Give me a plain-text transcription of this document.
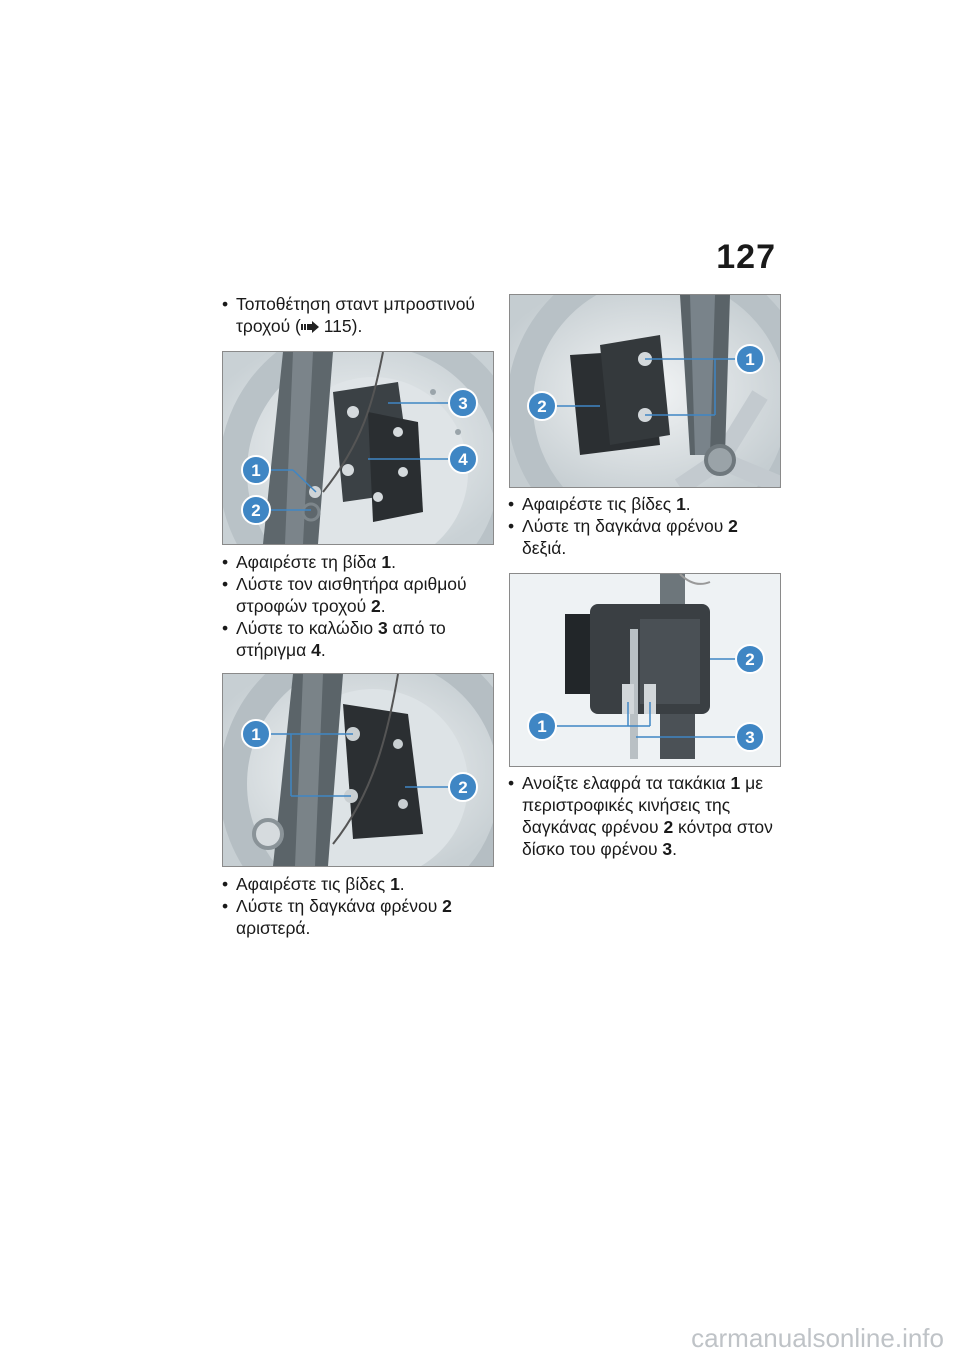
127

• Τοποθέτηση σταντ μπροστινού τροχού ( 115).

1
2
3
4

• Αφαιρέστε τη βίδα 1.

• Λύστε τον αισθητήρα αριθμού στροφών τροχού 2.

• Λύστε το καλώδιο 3 από το στήριγμα 4.

1
2

• Αφαιρέστε τις βίδες 1.

• Λύστε τη δαγκάνα φρένου 2 αριστερά.

1
2

• Αφαιρέστε τις βίδες 1.

• Λύστε τη δαγκάνα φρένου 2 δεξιά.

1
2
3

• Ανοίξτε ελαφρά τα τακάκια 1 με περιστροφικές κινήσεις της δαγκάνας φρένου 2 κόντρα στον δίσκο του φρένου 3.

carmanualsonline.info
